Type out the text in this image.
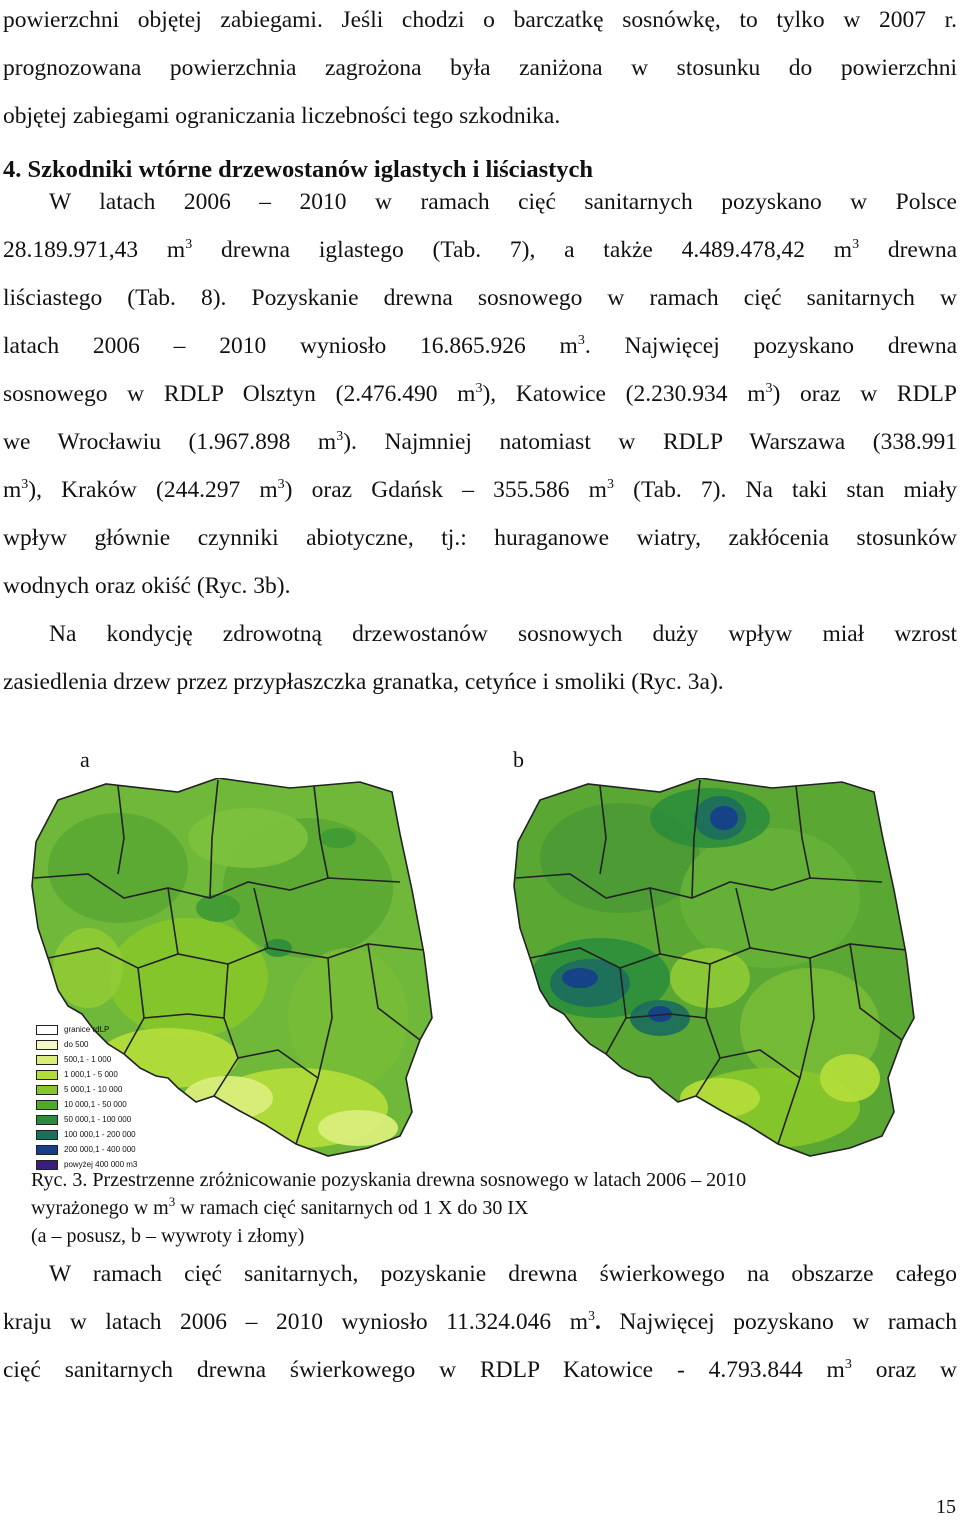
powierzchni objętej zabiegami. Jeśli chodzi o barczatkę sosnówkę, to tylko w 2007 r.
prognozowana powierzchnia zagrożona była zaniżona w stosunku do powierzchni
objętej zabiegami ograniczania liczebności tego szkodnika.
4. Szkodniki wtórne drzewostanów iglastych i liściastych
W latach 2006 – 2010 w ramach cięć sanitarnych pozyskano w Polsce
28.189.971,43 $m^3$ drewna iglastego (Tab. 7), a także 4.489.478,42 $m^3$ drewna
liściastego (Tab. 8). Pozyskanie drewna sosnowego w ramach cięć sanitarnych w
latach 2006 – 2010 wyniosło 16.865.926 $m^3$. Najwięcej pozyskano drewna
sosnowego w RDLP Olsztyn (2.476.490 $m^3$), Katowice (2.230.934 $m^3$) oraz w RDLP
we Wrocławiu (1.967.898 $m^3$). Najmniej natomiast w RDLP Warszawa (338.991
$m^3$), Kraków (244.297 $m^3$) oraz Gdańsk – 355.586 $m^3$ (Tab. 7). Na taki stan miały
wpływ głównie czynniki abiotyczne, tj.: huraganowe wiatry, zakłócenia stosunków
wodnych oraz okiść (Ryc. 3b).
Na kondycję zdrowotną drzewostanów sosnowych duży wpływ miał wzrost
zasiedlenia drzew przez przypłaszczka granatka, cetyńce i smoliki (Ryc. 3a).
a	b
granice rdLP
do 500
500,1 - 1 000
1 000,1 - 5 000
5 000,1 - 10 000
10 000,1 - 50 000
50 000,1 - 100 000
100 000,1 - 200 000
200 000,1 - 400 000
powyżej 400 000 m3
Ryc. 3. Przestrzenne zróżnicowanie pozyskania drewna sosnowego w latach 2006 – 2010
wyrażonego w $m^3$ w ramach cięć sanitarnych od 1 X do 30 IX
(a – posusz, b – wywroty i złomy)
W ramach cięć sanitarnych, pozyskanie drewna świerkowego na obszarze całego
kraju w latach 2006 – 2010 wyniosło 11.324.046 $m^3$. Najwięcej pozyskano w ramach
cięć sanitarnych drewna świerkowego w RDLP Katowice - 4.793.844 $m^3$ oraz w
15
